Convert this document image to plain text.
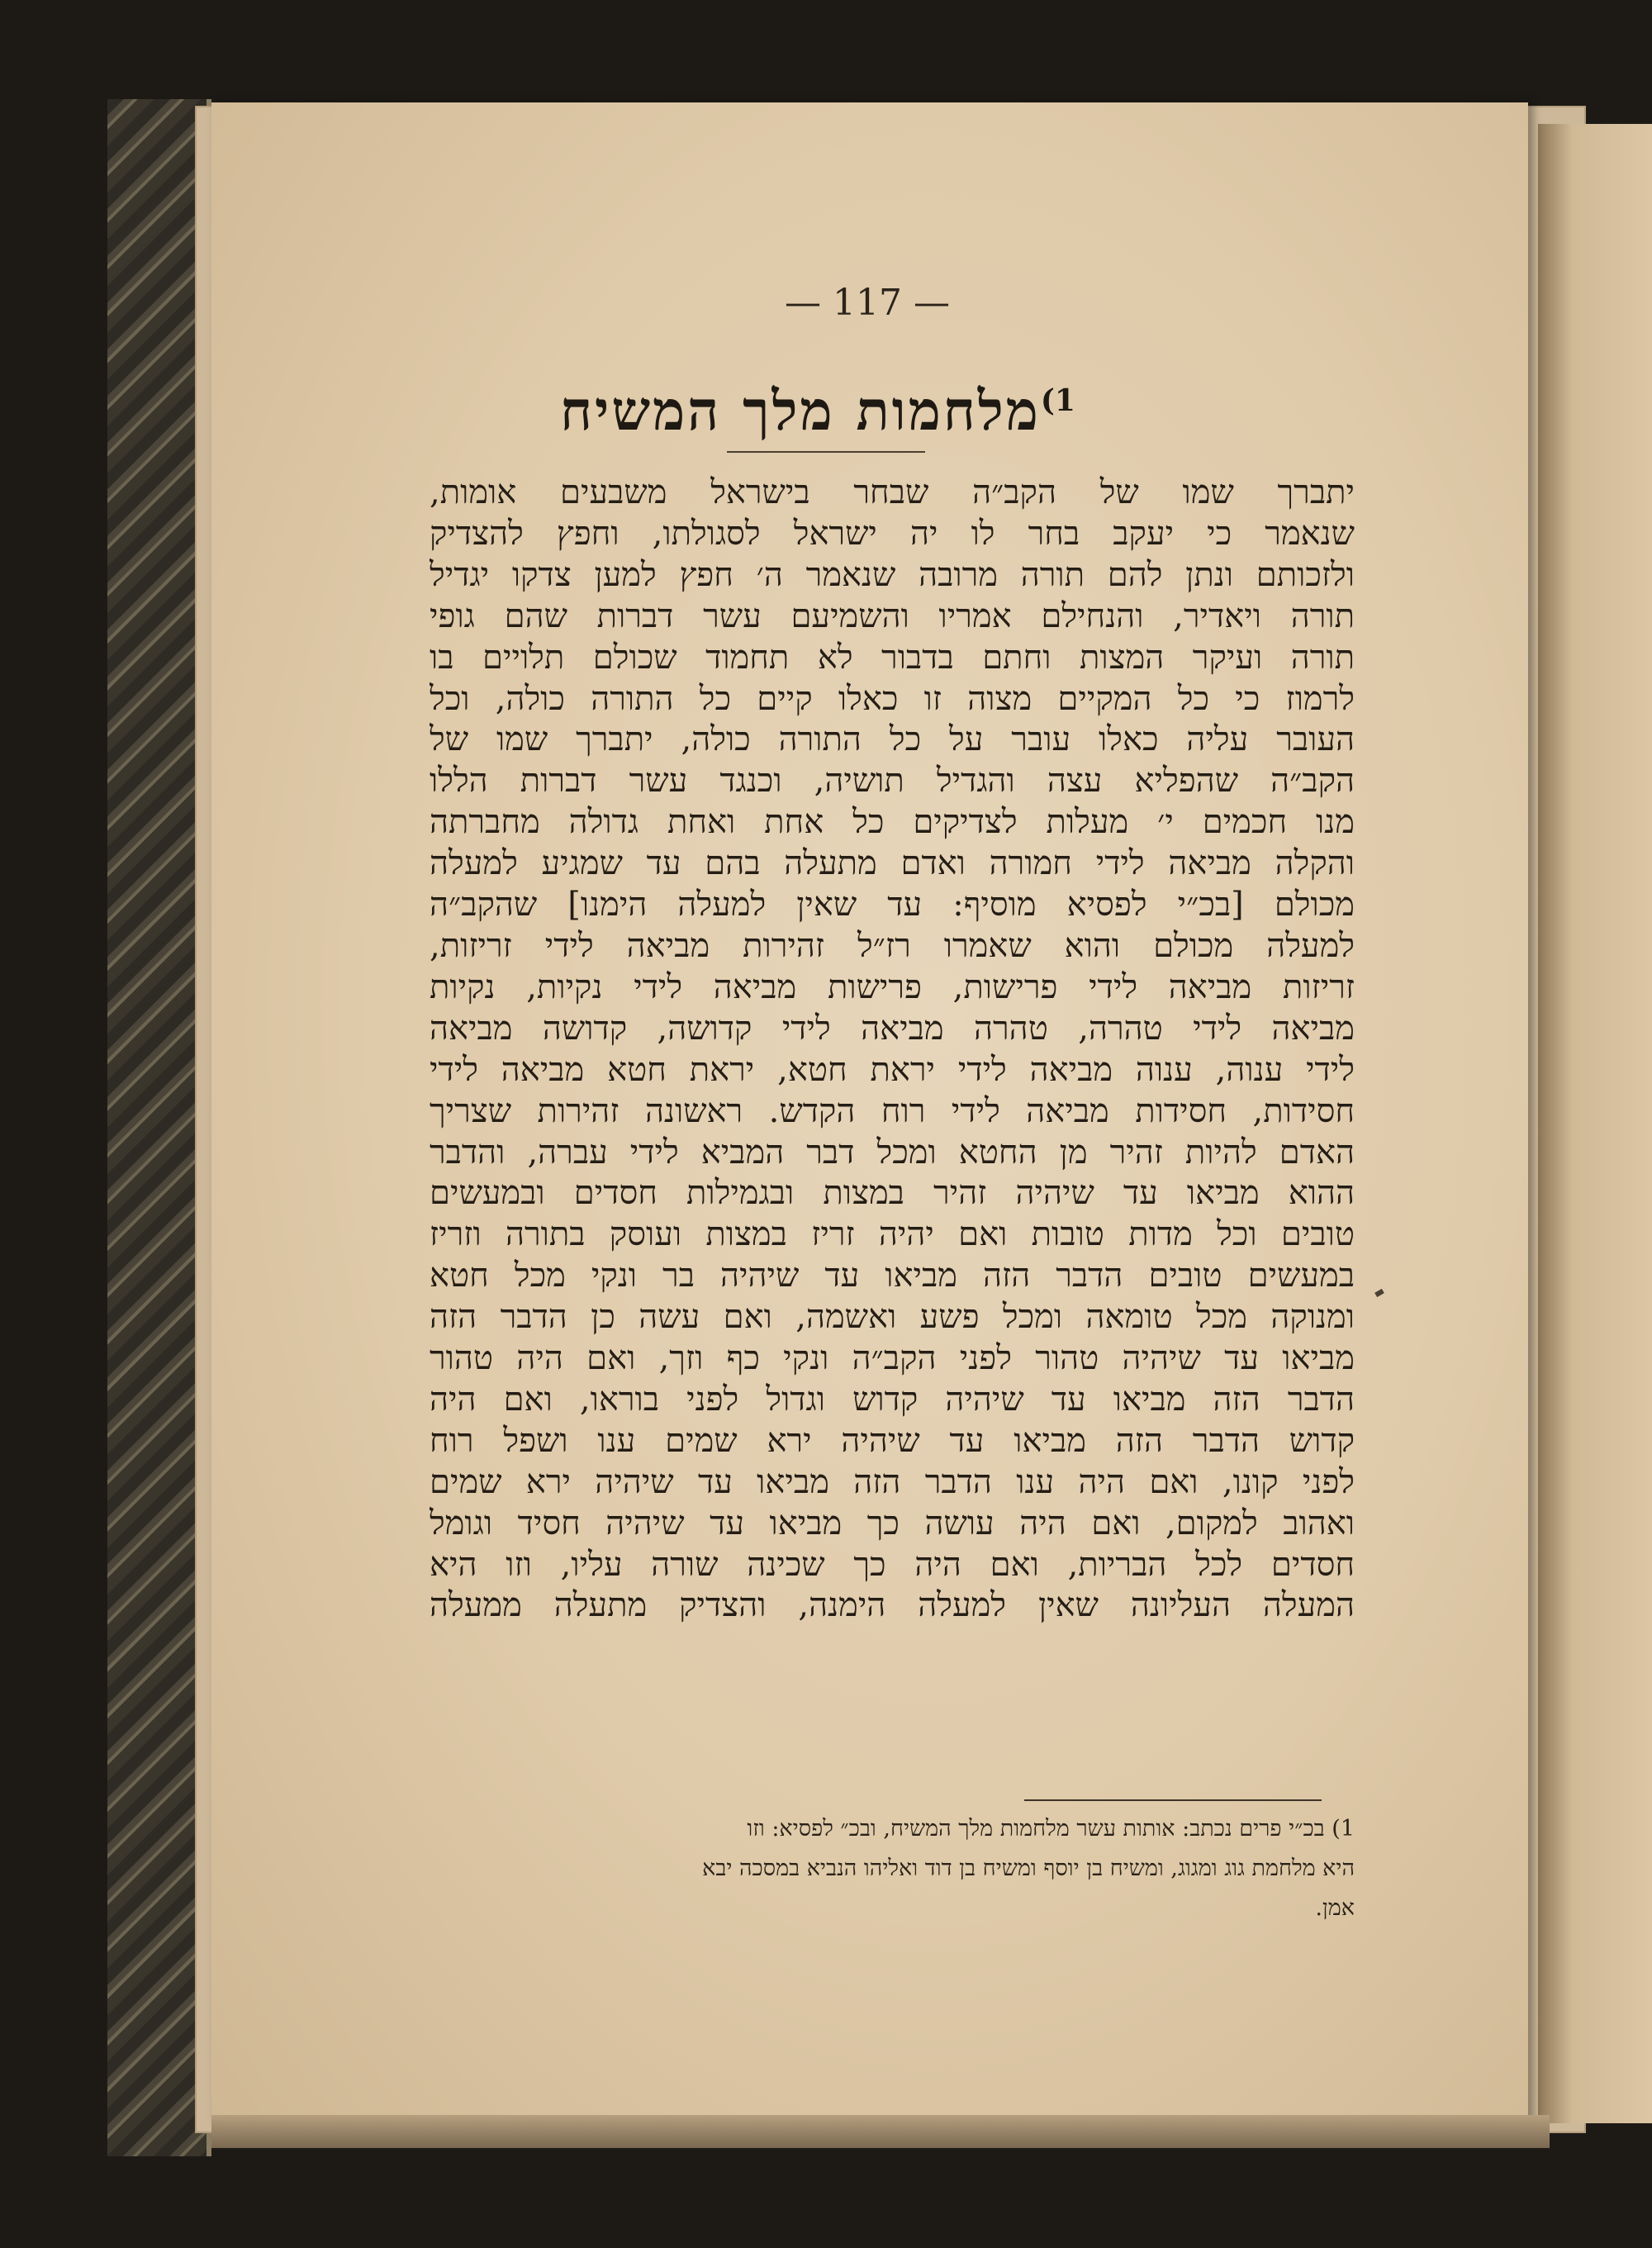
— 117 —
$^{1)}$מלחמות מלך המשיח
יתברך שמו של הקב״ה שבחר בישראל משבעים אומות,
שנאמר כי יעקב בחר לו יה ישראל לסגולתו, וחפץ להצדיק
ולזכותם ונתן להם תורה מרובה שנאמר ה׳ חפץ למען צדקו יגדיל
תורה ויאדיר, והנחילם אמריו והשמיעם עשר דברות שהם גופי
תורה ועיקר המצות וחתם בדבור לא תחמוד שכולם תלויים בו
לרמוז כי כל המקיים מצוה זו כאלו קיים כל התורה כולה, וכל
העובר עליה כאלו עובר על כל התורה כולה, יתברך שמו של
הקב״ה שהפליא עצה והגדיל תושיה, וכנגד עשר דברות הללו
מנו חכמים י׳ מעלות לצדיקים כל אחת ואחת גדולה מחברתה
והקלה מביאה לידי חמורה ואדם מתעלה בהם עד שמגיע למעלה
מכולם [בכ״י לפסיא מוסיף: עד שאין למעלה הימנו] שהקב״ה
למעלה מכולם והוא שאמרו רז״ל זהירות מביאה לידי זריזות,
זריזות מביאה לידי פרישות, פרישות מביאה לידי נקיות, נקיות
מביאה לידי טהרה, טהרה מביאה לידי קדושה, קדושה מביאה
לידי ענוה, ענוה מביאה לידי יראת חטא, יראת חטא מביאה לידי
חסידות, חסידות מביאה לידי רוח הקדש. ראשונה זהירות שצריך
האדם להיות זהיר מן החטא ומכל דבר המביא לידי עברה, והדבר
ההוא מביאו עד שיהיה זהיר במצות ובגמילות חסדים ובמעשים
טובים וכל מדות טובות ואם יהיה זריז במצות ועוסק בתורה וזריז
במעשים טובים הדבר הזה מביאו עד שיהיה בר ונקי מכל חטא
ומנוקה מכל טומאה ומכל פשע ואשמה, ואם עשה כן הדבר הזה
מביאו עד שיהיה טהור לפני הקב״ה ונקי כף וזך, ואם היה טהור
הדבר הזה מביאו עד שיהיה קדוש וגדול לפני בוראו, ואם היה
קדוש הדבר הזה מביאו עד שיהיה ירא שמים ענו ושפל רוח
לפני קונו, ואם היה ענו הדבר הזה מביאו עד שיהיה ירא שמים
ואהוב למקום, ואם היה עושה כך מביאו עד שיהיה חסיד וגומל
חסדים לכל הבריות, ואם היה כך שכינה שורה עליו, וזו היא
המעלה העליונה שאין למעלה הימנה, והצדיק מתעלה ממעלה
1) בכ״י פרים נכתב: אותות עשר מלחמות מלך המשיח, ובכ״ לפסיא: וזו
היא מלחמת גוג ומגוג, ומשיח בן יוסף ומשיח בן דוד ואליהו הנביא במסכה יבא
אמן.
